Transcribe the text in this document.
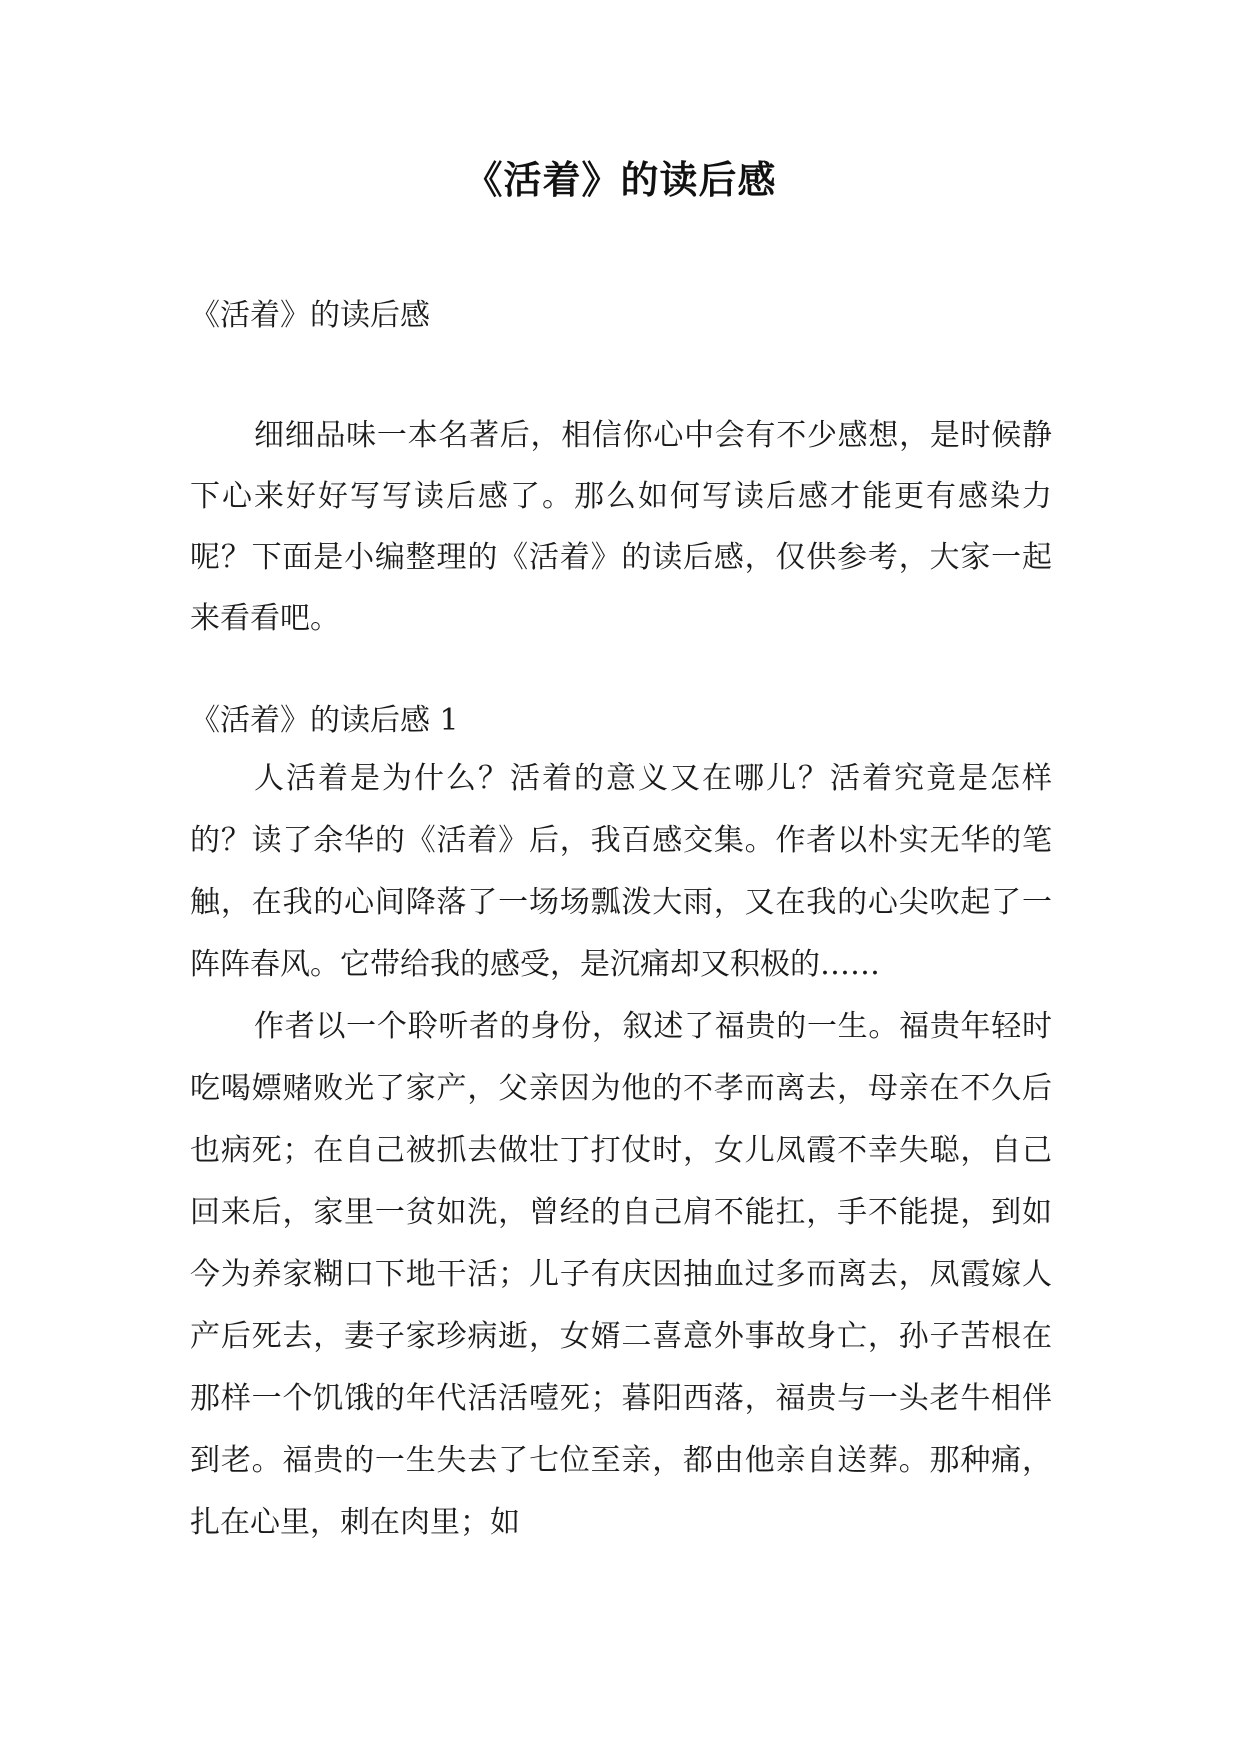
《活着》的读后感
《活着》的读后感

细细品味一本名著后，相信你心中会有不少感想，是时候静下心来好好写写读后感了。那么如何写读后感才能更有感染力呢？下面是小编整理的《活着》的读后感，仅供参考，大家一起来看看吧。

《活着》的读后感 1

人活着是为什么？活着的意义又在哪儿？活着究竟是怎样的？读了余华的《活着》后，我百感交集。作者以朴实无华的笔触，在我的心间降落了一场场瓢泼大雨，又在我的心尖吹起了一阵阵春风。它带给我的感受，是沉痛却又积极的……

作者以一个聆听者的身份，叙述了福贵的一生。福贵年轻时吃喝嫖赌败光了家产，父亲因为他的不孝而离去，母亲在不久后也病死；在自己被抓去做壮丁打仗时，女儿凤霞不幸失聪，自己回来后，家里一贫如洗，曾经的自己肩不能扛，手不能提，到如今为养家糊口下地干活；儿子有庆因抽血过多而离去，凤霞嫁人产后死去，妻子家珍病逝，女婿二喜意外事故身亡，孙子苦根在那样一个饥饿的年代活活噎死；暮阳西落，福贵与一头老牛相伴到老。福贵的一生失去了七位至亲，都由他亲自送葬。那种痛，扎在心里，刺在肉里；如
